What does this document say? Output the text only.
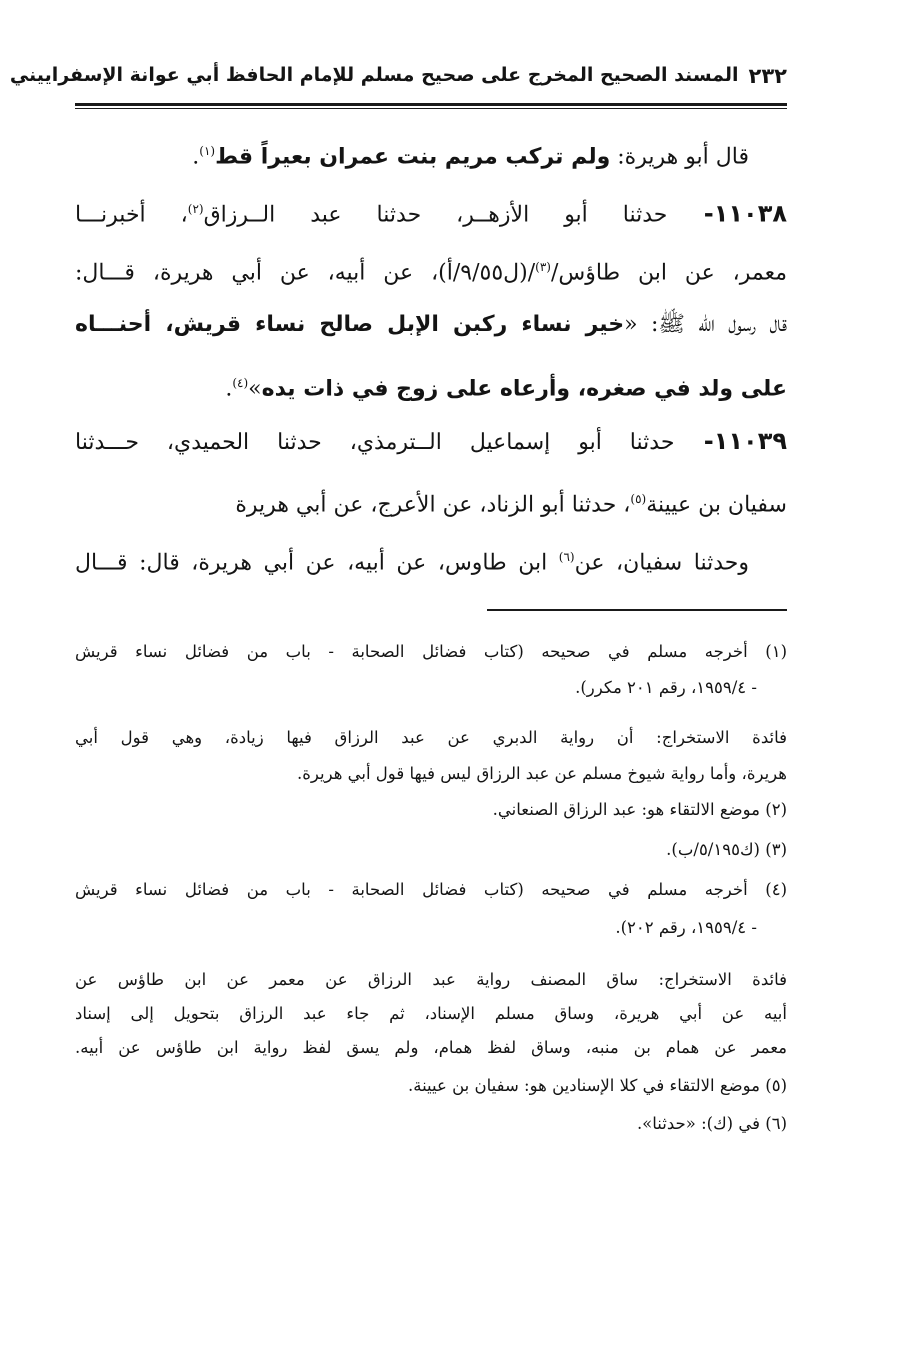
٢٣٢
المسند الصحيح المخرج على صحيح مسلم للإمام الحافظ أبي عوانة الإسفراييني
قال أبو هريرة: ولم تركب مريم بنت عمران بعيراً قط$^{(١)}$.
١١٠٣٨- حدثنا أبو الأزهــر، حدثنا عبد الــرزاق$^{(٢)}$، أخبرنـــا
معمر، عن ابن طاؤس/$^{(٣)}$/(ل٩/٥٥/أ)، عن أبيه، عن أبي هريرة، قـــال:
قال رسول الله ﷺ: «خير نساء ركبن الإبل صالح نساء قريش، أحنـــاه
على ولد في صغره، وأرعاه على زوج في ذات يده»$^{(٤)}$.
١١٠٣٩- حدثنا أبو إسماعيل الــترمذي، حدثنا الحميدي، حـــدثنا
سفيان بن عيينة$^{(٥)}$، حدثنا أبو الزناد، عن الأعرج، عن أبي هريرة
وحدثنا سفيان، عن$^{(٦)}$ ابن طاوس، عن أبيه، عن أبي هريرة، قال: قـــال
(١) أخرجه مسلم في صحيحه (كتاب فضائل الصحابة - باب من فضائل نساء قريش
- ١٩٥٩/٤، رقم ٢٠١ مكرر).
فائدة الاستخراج: أن رواية الدبري عن عبد الرزاق فيها زيادة، وهي قول أبي
هريرة، وأما رواية شيوخ مسلم عن عبد الرزاق ليس فيها قول أبي هريرة.
(٢) موضع الالتقاء هو: عبد الرزاق الصنعاني.
(٣) (ك٥/١٩٥/ب).
(٤) أخرجه مسلم في صحيحه (كتاب فضائل الصحابة - باب من فضائل نساء قريش
- ١٩٥٩/٤، رقم ٢٠٢).
فائدة الاستخراج: ساق المصنف رواية عبد الرزاق عن معمر عن ابن طاؤس عن
أبيه عن أبي هريرة، وساق مسلم الإسناد، ثم جاء عبد الرزاق بتحويل إلى إسناد
معمر عن همام بن منبه، وساق لفظ همام، ولم يسق لفظ رواية ابن طاؤس عن أبيه.
(٥) موضع الالتقاء في كلا الإسنادين هو: سفيان بن عيينة.
(٦) في (ك): «حدثنا».
